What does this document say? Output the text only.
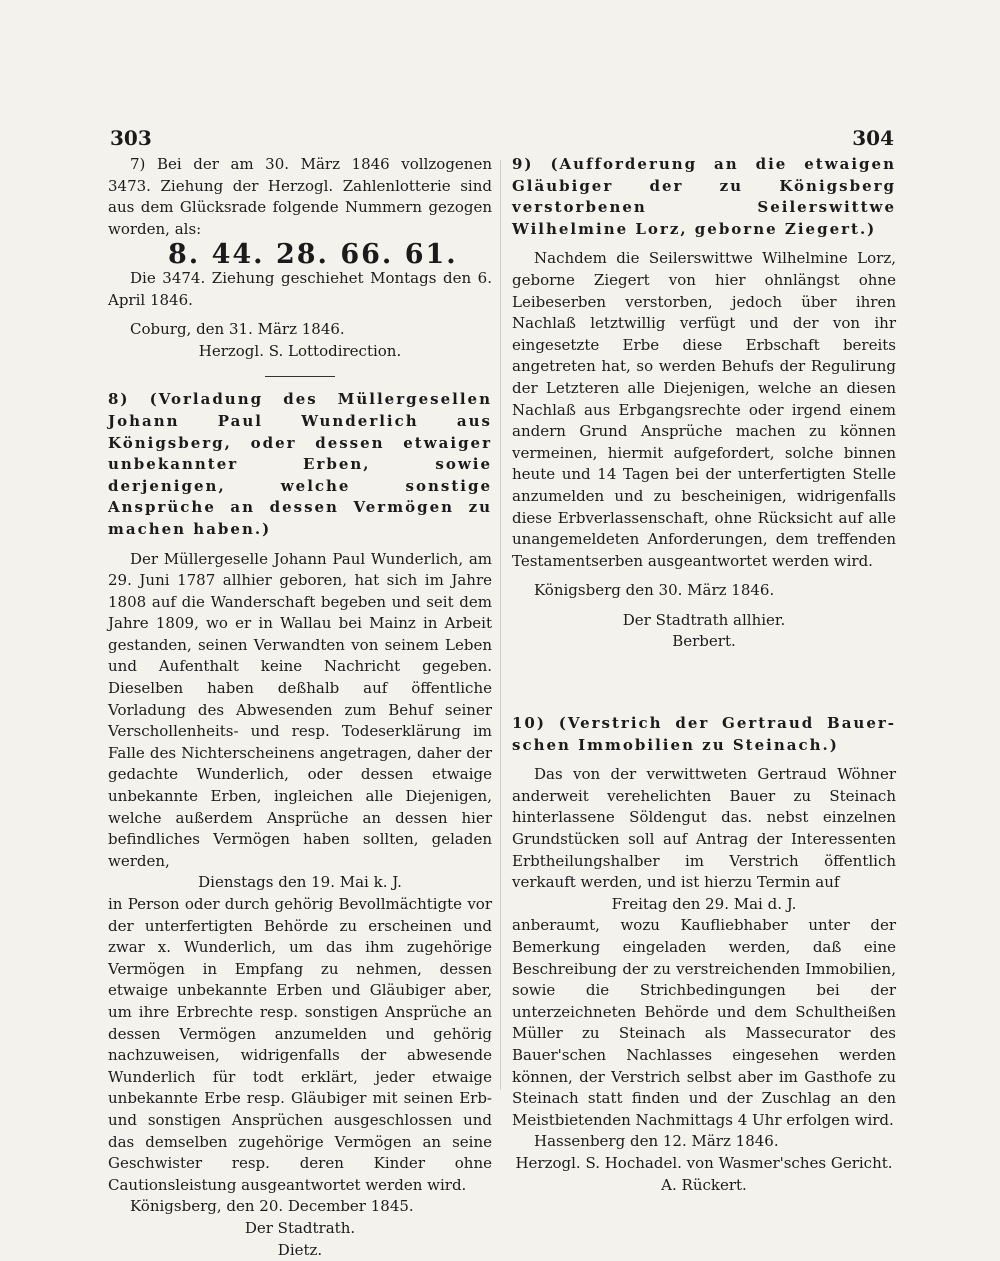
303	304

7) Bei der am 30. März 1846 vollzogenen 3473. Ziehung der Herzogl. Zahlenlotterie sind aus dem Glücksrade folgende Nummern gezogen worden, als:

8. 44. 28. 66. 61.

Die 3474. Ziehung geschiehet Montags den 6. April 1846.

Coburg, den 31. März 1846.

Herzogl. S. Lottodirection.

8) (Vorladung des Müllergesellen Johann Paul Wunderlich aus Königsberg, oder dessen etwaiger unbekannter Erben, sowie derjenigen, welche sonstige Ansprüche an dessen Vermögen zu machen haben.)

Der Müllergeselle Johann Paul Wunderlich, am 29. Juni 1787 allhier geboren, hat sich im Jahre 1808 auf die Wanderschaft begeben und seit dem Jahre 1809, wo er in Wallau bei Mainz in Arbeit gestanden, seinen Verwandten von seinem Leben und Aufenthalt keine Nachricht gegeben. Dieselben haben deßhalb auf öffentliche Vorladung des Abwesenden zum Behuf seiner Verschollenheits- und resp. Todeserklärung im Falle des Nichterscheinens angetragen, daher der gedachte Wunderlich, oder dessen etwaige unbekannte Erben, ingleichen alle Diejenigen, welche außerdem Ansprüche an dessen hier befindliches Vermögen haben sollten, geladen werden,

Dienstags den 19. Mai k. J.

in Person oder durch gehörig Bevollmächtigte vor der unterfertigten Behörde zu erscheinen und zwar x. Wunderlich, um das ihm zugehörige Vermögen in Empfang zu nehmen, dessen etwaige unbekannte Erben und Gläubiger aber, um ihre Erbrechte resp. sonstigen Ansprüche an dessen Vermögen anzumelden und gehörig nachzuweisen, widrigenfalls der abwesende Wunderlich für todt erklärt, jeder etwaige unbekannte Erbe resp. Gläubiger mit seinen Erb- und sonstigen Ansprüchen ausgeschlossen und das demselben zugehörige Vermögen an seine Geschwister resp. deren Kinder ohne Cautionsleistung ausgeantwortet werden wird.

Königsberg, den 20. December 1845.

Der Stadtrath.

Dietz.

9) (Aufforderung an die etwaigen Gläubiger der zu Königsberg verstorbenen Seilerswittwe Wilhelmine Lorz, geborne Ziegert.)

Nachdem die Seilerswittwe Wilhelmine Lorz, geborne Ziegert von hier ohnlängst ohne Leibeserben verstorben, jedoch über ihren Nachlaß letztwillig verfügt und der von ihr eingesetzte Erbe diese Erbschaft bereits angetreten hat, so werden Behufs der Regulirung der Letzteren alle Diejenigen, welche an diesen Nachlaß aus Erbgangsrechte oder irgend einem andern Grund Ansprüche machen zu können vermeinen, hiermit aufgefordert, solche binnen heute und 14 Tagen bei der unterfertigten Stelle anzumelden und zu bescheinigen, widrigenfalls diese Erbverlassenschaft, ohne Rücksicht auf alle unangemeldeten Anforderungen, dem treffenden Testamentserben ausgeantwortet werden wird.

Königsberg den 30. März 1846.

Der Stadtrath allhier.

Berbert.

10) (Verstrich der Gertraud Bauer-schen Immobilien zu Steinach.)

Das von der verwittweten Gertraud Wöhner anderweit verehelichten Bauer zu Steinach hinterlassene Söldengut das. nebst einzelnen Grundstücken soll auf Antrag der Interessenten Erbtheilungshalber im Verstrich öffentlich verkauft werden, und ist hierzu Termin auf

Freitag den 29. Mai d. J.

anberaumt, wozu Kaufliebhaber unter der Bemerkung eingeladen werden, daß eine Beschreibung der zu verstreichenden Immobilien, sowie die Strichbedingungen bei der unterzeichneten Behörde und dem Schultheißen Müller zu Steinach als Massecurator des Bauer'schen Nachlasses eingesehen werden können, der Verstrich selbst aber im Gasthofe zu Steinach statt finden und der Zuschlag an den Meistbietenden Nachmittags 4 Uhr erfolgen wird.

Hassenberg den 12. März 1846.

Herzogl. S. Hochadel. von Wasmer'sches Gericht.

A. Rückert.
